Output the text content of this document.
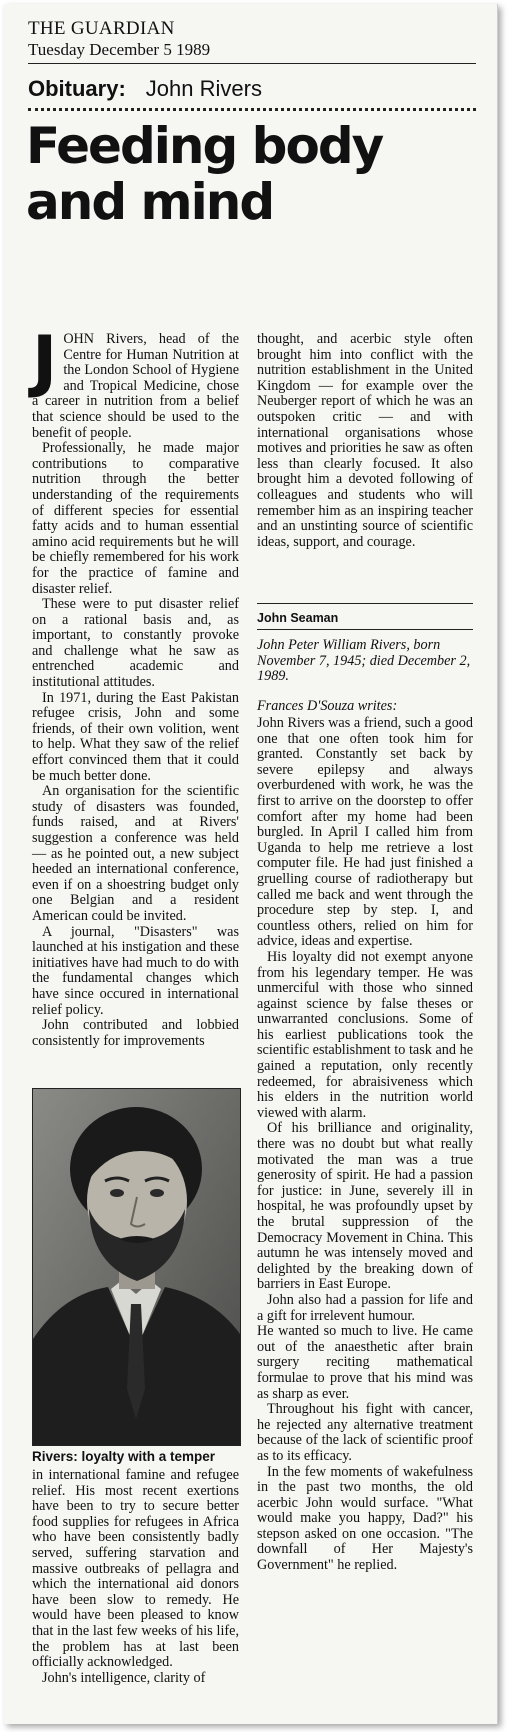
THE GUARDIAN
Tuesday December 5 1989
Obituary: John Rivers
Feeding body
and mind

JOHN Rivers, head of the Centre for Human Nutrition at the London School of Hygiene and Tropical Medicine, chose a career in nutrition from a belief that science should be used to the benefit of people.

Professionally, he made major contributions to comparative nutrition through the better understanding of the requirements of different species for essential fatty acids and to human essential amino acid requirements but he will be chiefly remembered for his work for the practice of famine and disaster relief.

These were to put disaster relief on a rational basis and, as important, to constantly provoke and challenge what he saw as entrenched academic and institutional attitudes.

In 1971, during the East Pakistan refugee crisis, John and some friends, of their own volition, went to help. What they saw of the relief effort convinced them that it could be much better done.

An organisation for the scientific study of disasters was founded, funds raised, and at Rivers' suggestion a conference was held — as he pointed out, a new subject heeded an international conference, even if on a shoestring budget only one Belgian and a resident American could be invited.

A journal, "Disasters" was launched at his instigation and these initiatives have had much to do with the fundamental changes which have since occured in international relief policy.

John contributed and lobbied consistently for improvements

Rivers: loyalty with a temper

in international famine and refugee relief. His most recent exertions have been to try to secure better food supplies for refugees in Africa who have been consistently badly served, suffering starvation and massive outbreaks of pellagra and which the international aid donors have been slow to remedy. He would have been pleased to know that in the last few weeks of his life, the problem has at last been officially acknowledged.

John's intelligence, clarity of

thought, and acerbic style often brought him into conflict with the nutrition establishment in the United Kingdom — for example over the Neuberger report of which he was an outspoken critic — and with international organisations whose motives and priorities he saw as often less than clearly focused. It also brought him a devoted following of colleagues and students who will remember him as an inspiring teacher and an unstinting source of scientific ideas, support, and courage.

John Seaman
John Peter William Rivers, born November 7, 1945; died December 2, 1989.
Frances D'Souza writes:

John Rivers was a friend, such a good one that one often took him for granted. Constantly set back by severe epilepsy and always overburdened with work, he was the first to arrive on the doorstep to offer comfort after my home had been burgled. In April I called him from Uganda to help me retrieve a lost computer file. He had just finished a gruelling course of radiotherapy but called me back and went through the procedure step by step. I, and countless others, relied on him for advice, ideas and expertise.

His loyalty did not exempt anyone from his legendary temper. He was unmerciful with those who sinned against science by false theses or unwarranted conclusions. Some of his earliest publications took the scientific establishment to task and he gained a reputation, only recently redeemed, for abraisiveness which his elders in the nutrition world viewed with alarm.

Of his brilliance and originality, there was no doubt but what really motivated the man was a true generosity of spirit. He had a passion for justice: in June, severely ill in hospital, he was profoundly upset by the brutal suppression of the Democracy Movement in China. This autumn he was intensely moved and delighted by the breaking down of barriers in East Europe.

John also had a passion for life and a gift for irrelevent humour.

He wanted so much to live. He came out of the anaesthetic after brain surgery reciting mathematical formulae to prove that his mind was as sharp as ever.

Throughout his fight with cancer, he rejected any alternative treatment because of the lack of scientific proof as to its efficacy.

In the few moments of wakefulness in the past two months, the old acerbic John would surface. "What would make you happy, Dad?" his stepson asked on one occasion. "The downfall of Her Majesty's Government" he replied.
